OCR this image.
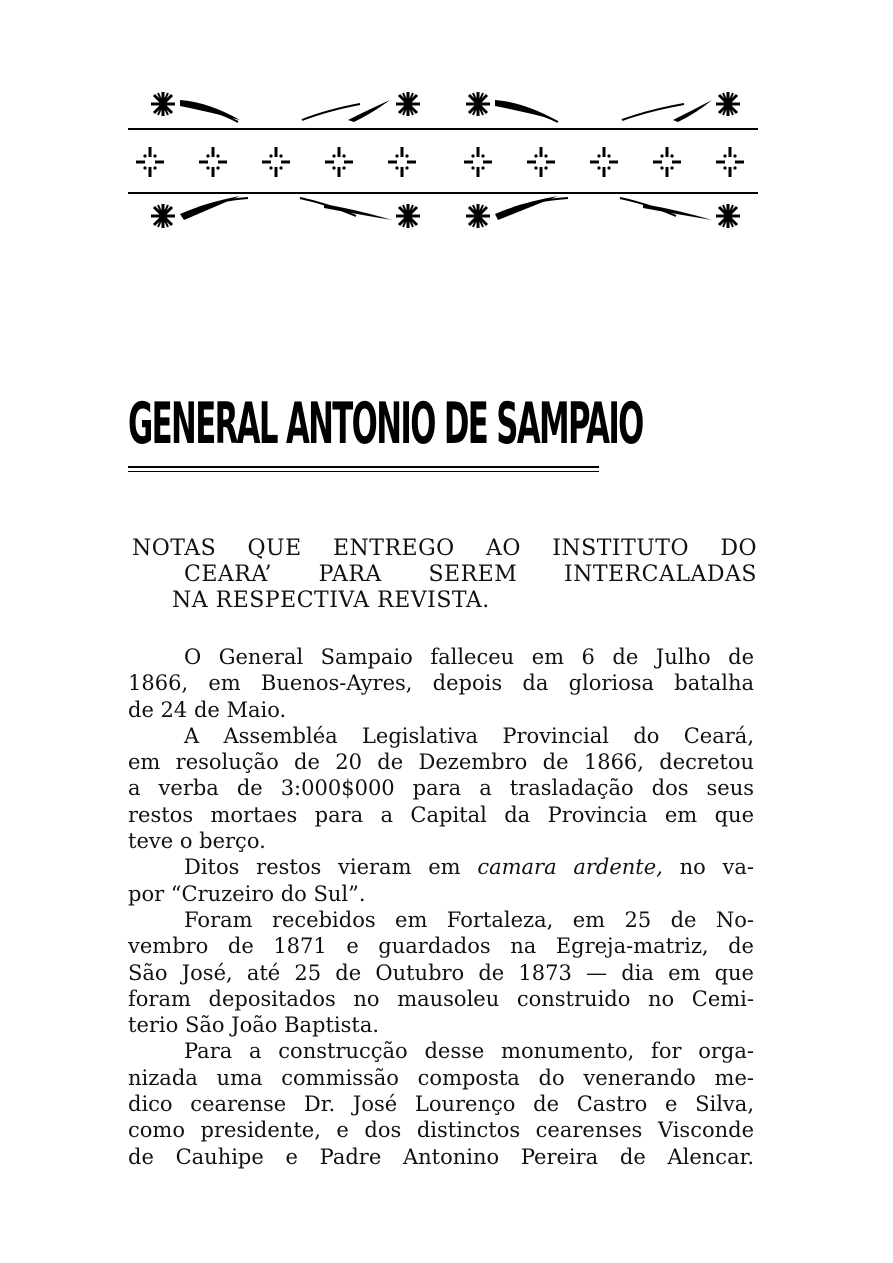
GENERAL ANTONIO DE SAMPAIO
NOTAS QUE ENTREGO AO INSTITUTO DO
CEARA’ PARA SEREM INTERCALADAS
NA RESPECTIVA REVISTA.
O General Sampaio falleceu em 6 de Julho de
1866, em Buenos-Ayres, depois da gloriosa batalha
de 24 de Maio.
A Assembléa Legislativa Provincial do Ceará,
em resolução de 20 de Dezembro de 1866, decretou
a verba de 3:000$000 para a trasladação dos seus
restos mortaes para a Capital da Provincia em que
teve o berço.
Ditos restos vieram em camara ardente, no va-
por “Cruzeiro do Sul”.
Foram recebidos em Fortaleza, em 25 de No-
vembro de 1871 e guardados na Egreja-matriz, de
São José, até 25 de Outubro de 1873 — dia em que
foram depositados no mausoleu construido no Cemi-
terio São João Baptista.
Para a construcção desse monumento, for orga-
nizada uma commissão composta do venerando me-
dico cearense Dr. José Lourenço de Castro e Silva,
como presidente, e dos distinctos cearenses Visconde
de Cauhipe e Padre Antonino Pereira de Alencar.
